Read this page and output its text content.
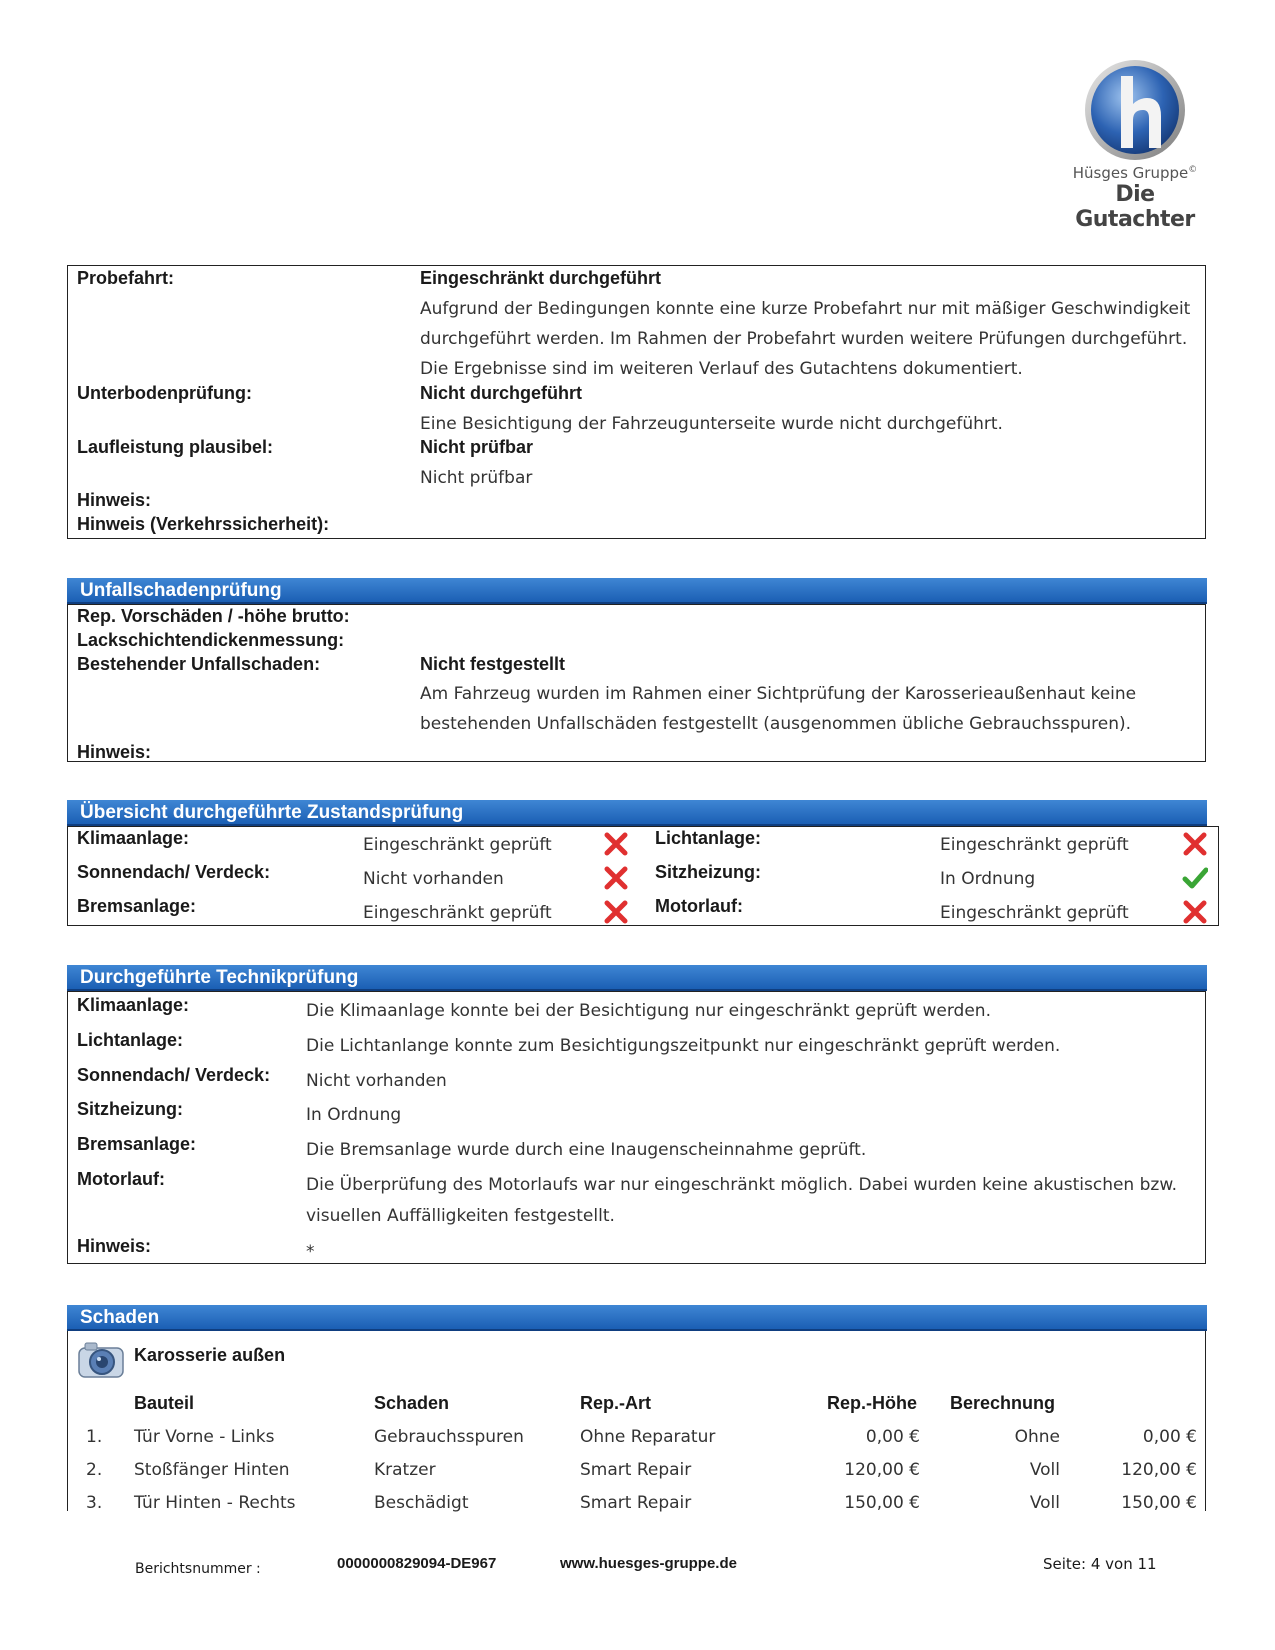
Hüsges Gruppe©
Die Gutachter
Probefahrt:	Eingeschränkt durchgeführt
Aufgrund der Bedingungen konnte eine kurze Probefahrt nur mit mäßiger Geschwindigkeit
durchgeführt werden. Im Rahmen der Probefahrt wurden weitere Prüfungen durchgeführt.
Die Ergebnisse sind im weiteren Verlauf des Gutachtens dokumentiert.
Unterbodenprüfung:	Nicht durchgeführt
Eine Besichtigung der Fahrzeugunterseite wurde nicht durchgeführt.
Laufleistung plausibel:	Nicht prüfbar
Nicht prüfbar
Hinweis:
Hinweis (Verkehrssicherheit):
Unfallschadenprüfung
Rep. Vorschäden / -höhe brutto:
Lackschichtendickenmessung:
Bestehender Unfallschaden:	Nicht festgestellt
Am Fahrzeug wurden im Rahmen einer Sichtprüfung der Karosserieaußenhaut keine
bestehenden Unfallschäden festgestellt (ausgenommen übliche Gebrauchsspuren).
Hinweis:
Übersicht durchgeführte Zustandsprüfung
Klimaanlage:	Eingeschränkt geprüft
Sonnendach/ Verdeck:	Nicht vorhanden
Bremsanlage:	Eingeschränkt geprüft
Lichtanlage:	Eingeschränkt geprüft
Sitzheizung:	In Ordnung
Motorlauf:	Eingeschränkt geprüft
Durchgeführte Technikprüfung
Klimaanlage:	Die Klimaanlage konnte bei der Besichtigung nur eingeschränkt geprüft werden.
Lichtanlage:	Die Lichtanlange konnte zum Besichtigungszeitpunkt nur eingeschränkt geprüft werden.
Sonnendach/ Verdeck: Nicht vorhanden
Sitzheizung:	In Ordnung
Bremsanlage:	Die Bremsanlage wurde durch eine Inaugenscheinnahme geprüft.
Motorlauf:	Die Überprüfung des Motorlaufs war nur eingeschränkt möglich. Dabei wurden keine akustischen bzw.
visuellen Auffälligkeiten festgestellt.
Hinweis:	*
Schaden
Karosserie außen
Bauteil	Schaden	Rep.-Art	Rep.-Höhe Berechnung
1. Tür Vorne - Links	Gebrauchsspuren	Ohne Reparatur	0,00 €	Ohne	0,00 €
2. Stoßfänger Hinten	Kratzer	Smart Repair	120,00 €	Voll	120,00 €
3. Tür Hinten - Rechts	Beschädigt	Smart Repair	150,00 €	Voll	150,00 €
Berichtsnummer :	0000000829094-DE967	www.huesges-gruppe.de	Seite: 4 von 11
